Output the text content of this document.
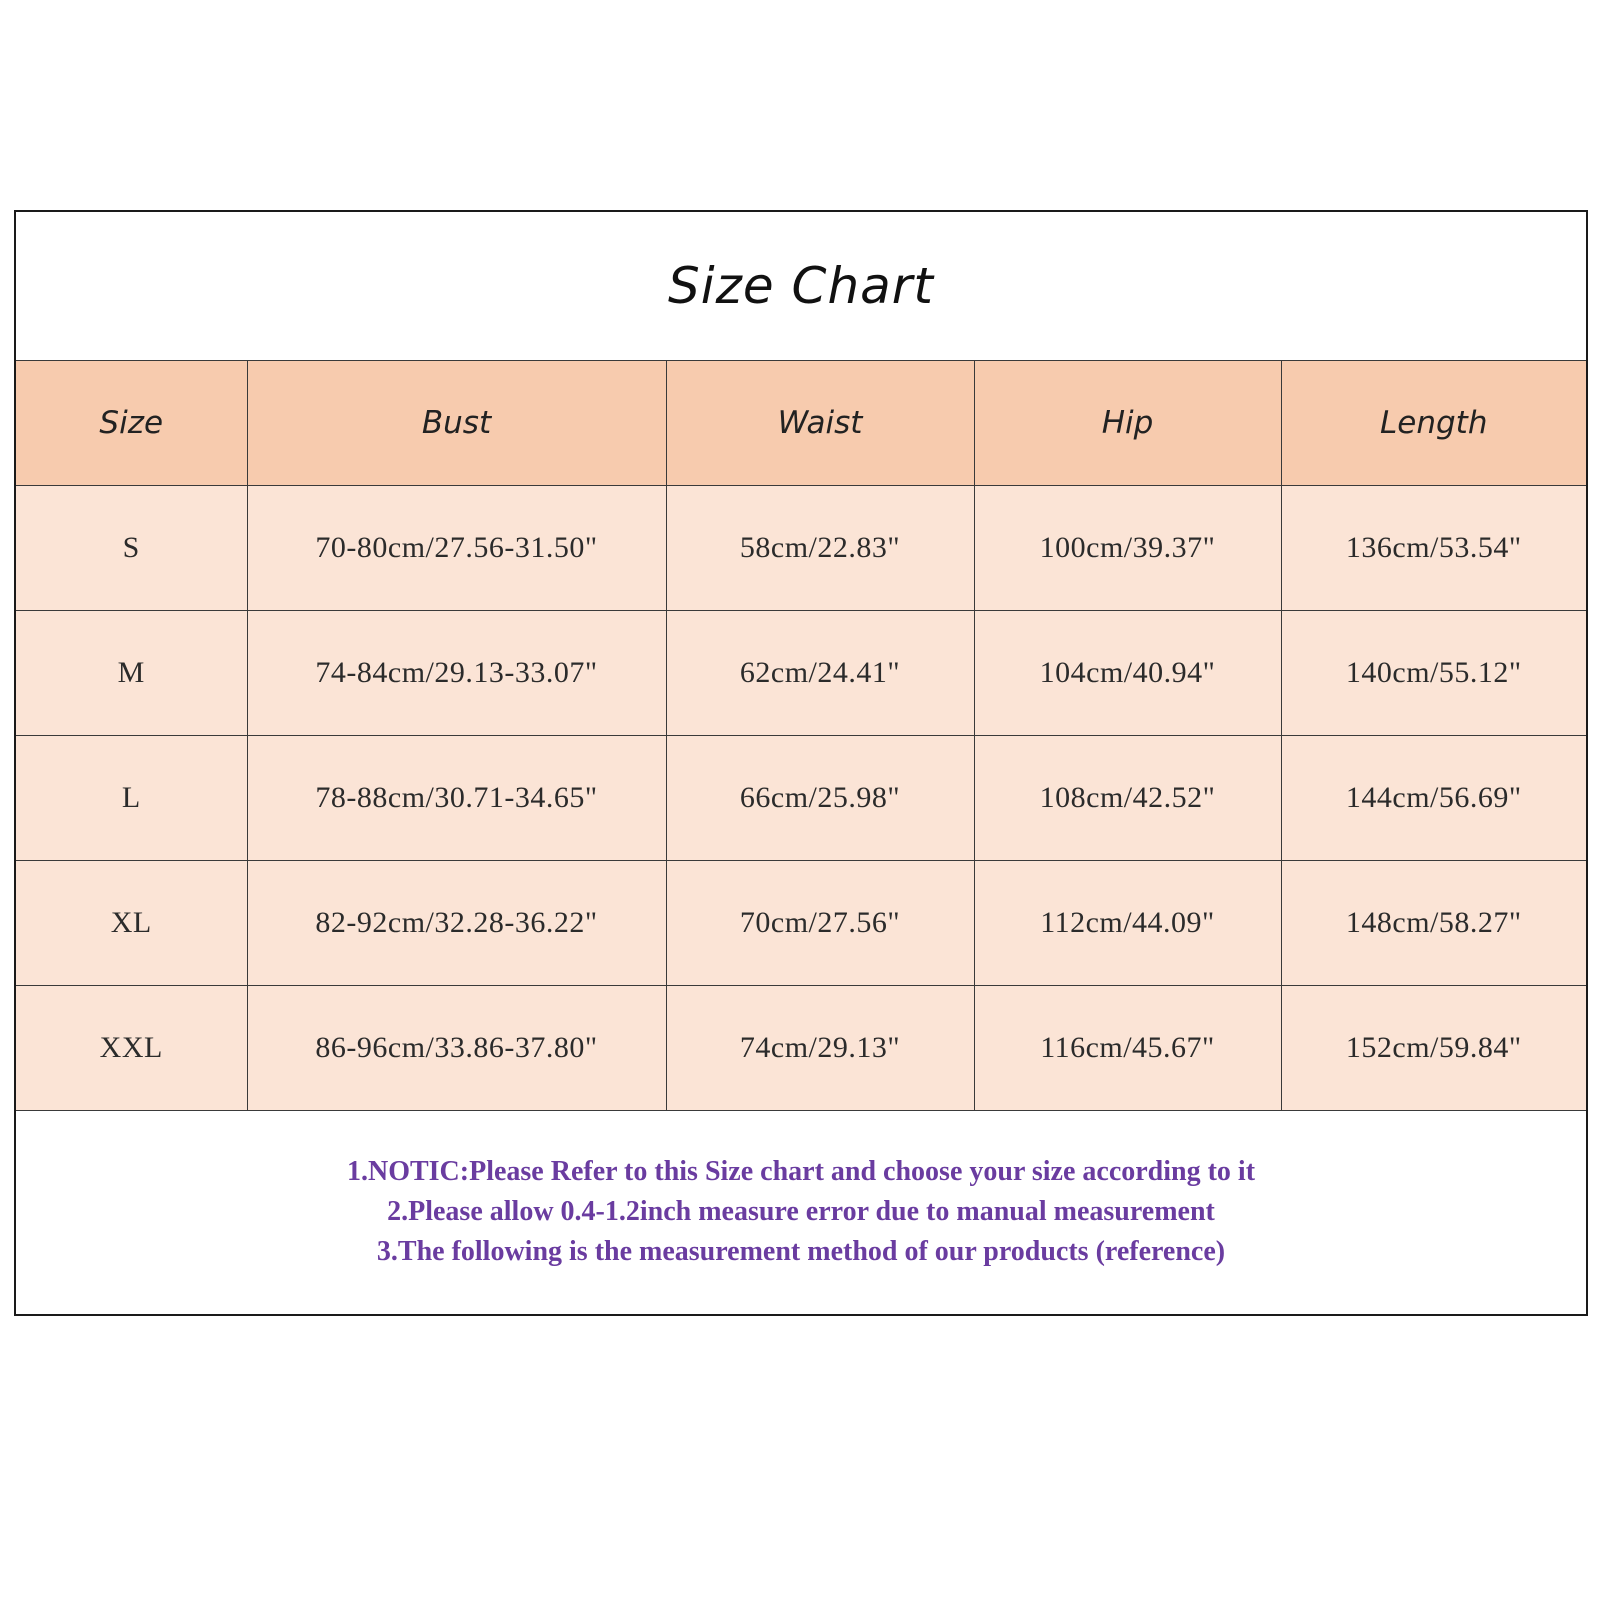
Size Chart
Size	Bust	Waist	Hip	Length
S	70-80cm/27.56-31.50"	58cm/22.83"	100cm/39.37"	136cm/53.54"
M	74-84cm/29.13-33.07"	62cm/24.41"	104cm/40.94"	140cm/55.12"
L	78-88cm/30.71-34.65"	66cm/25.98"	108cm/42.52"	144cm/56.69"
XL	82-92cm/32.28-36.22"	70cm/27.56"	112cm/44.09"	148cm/58.27"
XXL	86-96cm/33.86-37.80"	74cm/29.13"	116cm/45.67"	152cm/59.84"
1.NOTIC:Please Refer to this Size chart and choose your size according to it
2.Please allow 0.4-1.2inch measure error due to manual measurement
3.The following is the measurement method of our products (reference)
